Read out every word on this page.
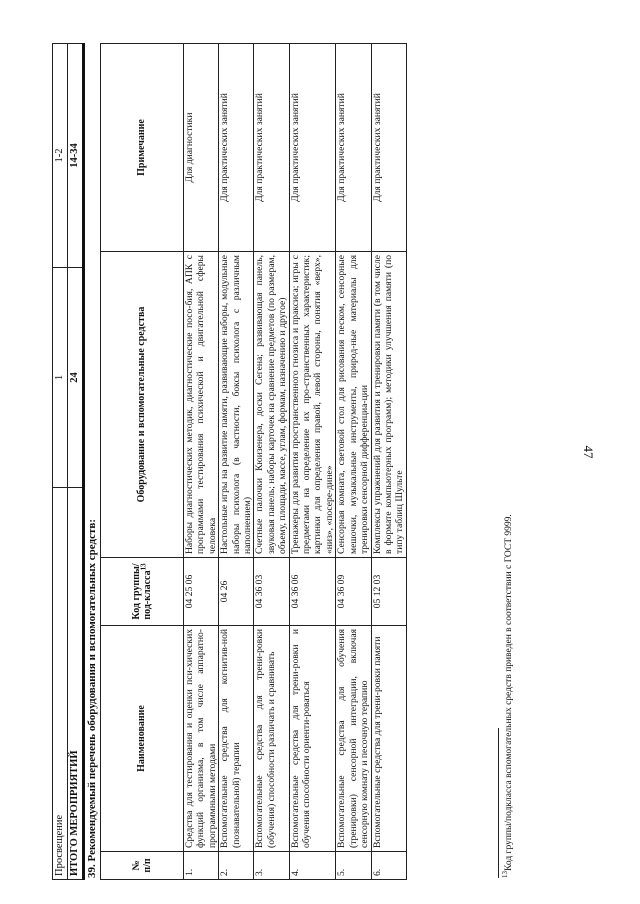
47
Просвещение	1	1-2
ИТОГО МЕРОПРИЯТИЙ	24	14-34
39. Рекомендуемый перечень оборудования и вспомогательных средств:	№ п/п	Наименование	Код группы/под-класса$^{13}$	Оборудование и вспомогательные средства	Примечание
1.	Средства для тестирования и оценки пси-хических функций организма, в том числе аппаратно-программными методами	04 25 06	Наборы диагностических методик, диагностические посо-бия, АПК с программами тестирования психической и двигательной сферы человека	Для диагностики
2.	Вспомогательные средства для когнитив-ной (познавательной) терапии	04 26	Настольные игры на развитие памяти, развивающие наборы, модульные наборы психолога (в частности, боксы психолога с различным наполнением)	Для практических занятий
3.	Вспомогательные средства для трени-ровки (обучения) способности различать и сравнивать	04 36 03	Счетные палочки Кюизенера, доски Сегена; развивающая панель, звуковая панель; наборы карточек на сравнение предметов (по размерам, объему, площади, массе, углам, формам, назначению и другое)	Для практических занятий
4.	Вспомогательные средства для трени-ровки и обучения способности ориенти-роваться	04 36 06	Тренажеры для развития пространственного гнозиса и праксиса; игры с предметами на определение их про-странственных характеристик; картинки для определения правой, левой стороны, понятия «верх», «низ», «посере-дине»	Для практических занятий
5.	Вспомогательные средства для обучения (тренировки) сенсорной интеграции, включая сенсорную комнату и песочную терапию	04 36 09	Сенсорная комната, световой стол для рисования песком, сенсорные мешочки, музыкальные инструменты, природ-ные материалы для тренировки сенсорной дифференциа-ции	Для практических занятий
6.	Вспомогательные средства для трени-ровки памяти	05 12 03	Комплексы упражнений для развития и тренировки памяти (в том числе в формате компьютерных программ); методики улучшения памяти (по типу таблиц Шульте	Для практических занятий
$^{13}$Код группы/подкласса вспомогательных средств приведен в соответствии с ГОСТ 9999.
